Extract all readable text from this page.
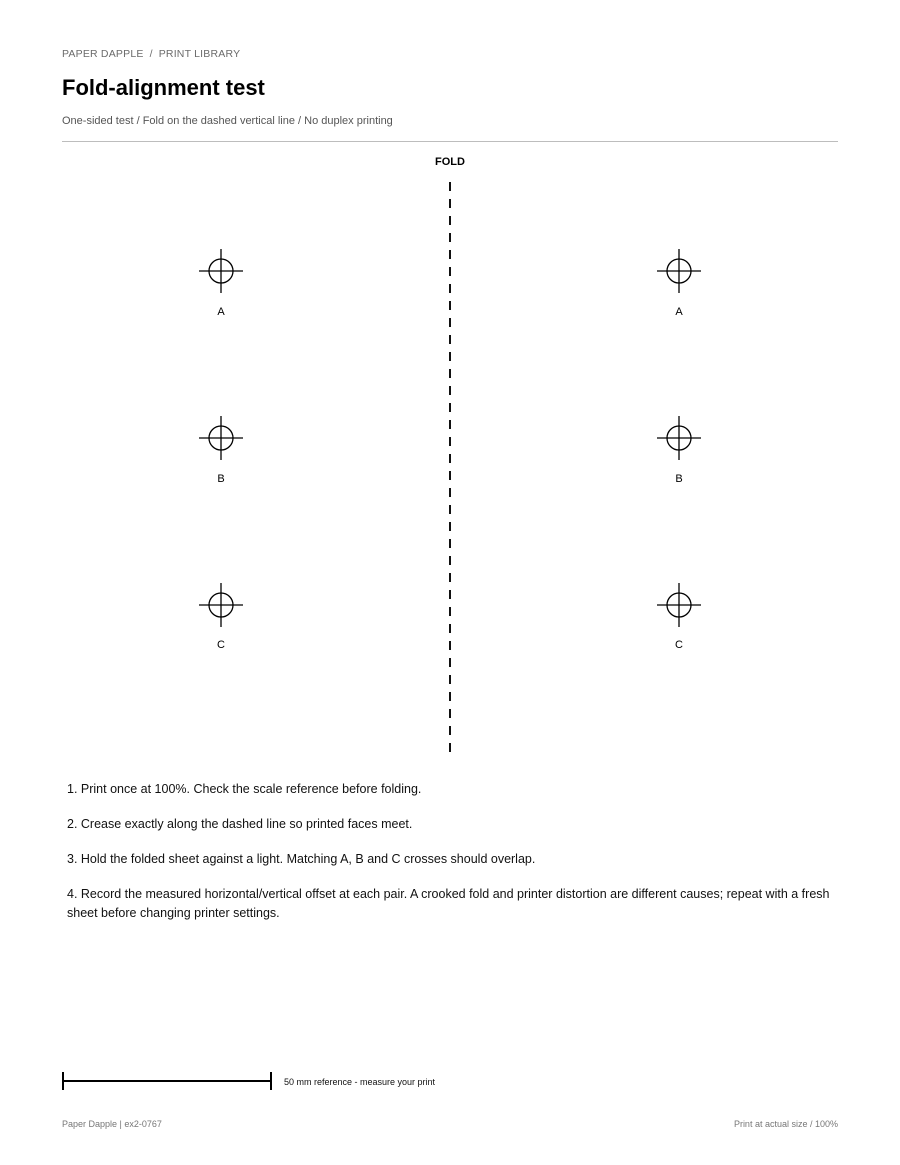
PAPER DAPPLE / PRINT LIBRARY
Fold-alignment test
One-sided test / Fold on the dashed vertical line / No duplex printing
FOLD
A
B
C
A
B
C

1. Print once at 100%. Check the scale reference before folding.

2. Crease exactly along the dashed line so printed faces meet.

3. Hold the folded sheet against a light. Matching A, B and C crosses should overlap.

4. Record the measured horizontal/vertical offset at each pair. A crooked fold and printer distortion are different causes; repeat with a fresh sheet before changing printer settings.

50 mm reference - measure your print
Paper Dapple | ex2-0767	Print at actual size / 100%
